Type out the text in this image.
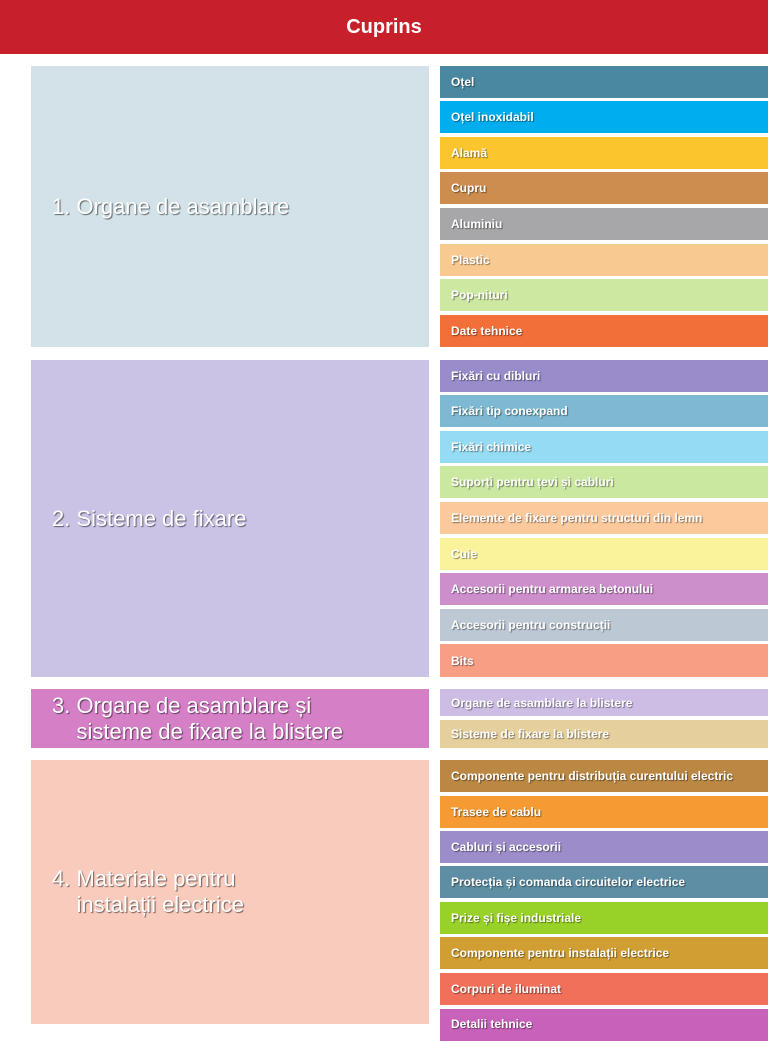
Cuprins
1. Organe de asamblare
2. Sisteme de fixare
3. Organe de asamblare și sisteme de fixare la blistere
4. Materiale pentru instalații electrice
Oțel
Oțel inoxidabil
Alamă
Cupru
Aluminiu
Plastic
Pop-nituri
Date tehnice
Fixări cu dibluri
Fixări tip conexpand
Fixări chimice
Suporți pentru țevi și cabluri
Elemente de fixare pentru structuri din lemn
Cuie
Accesorii pentru armarea betonului
Accesorii pentru construcții
Bits
Organe de asamblare la blistere
Sisteme de fixare la blistere
Componente pentru distribuția curentului electric
Trasee de cablu
Cabluri și accesorii
Protecția și comanda circuitelor electrice
Prize și fișe industriale
Componente pentru instalații electrice
Corpuri de iluminat
Detalii tehnice
